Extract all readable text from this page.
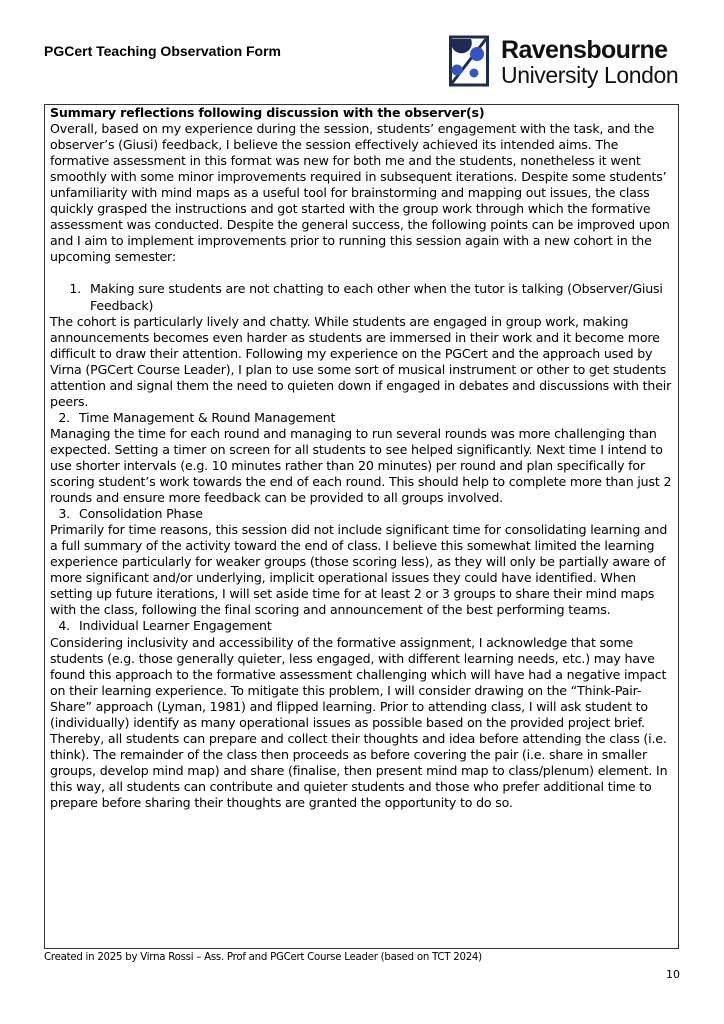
PGCert Teaching Observation Form	Ravensbourne
University London

Summary reflections following discussion with the observer(s)

Overall, based on my experience during the session, students’ engagement with the task, and the observer’s (Giusi) feedback, I believe the session effectively achieved its intended aims. The formative assessment in this format was new for both me and the students, nonetheless it went smoothly with some minor improvements required in subsequent iterations. Despite some students’ unfamiliarity with mind maps as a useful tool for brainstorming and mapping out issues, the class quickly grasped the instructions and got started with the group work through which the formative assessment was conducted. Despite the general success, the following points can be improved upon and I aim to implement improvements prior to running this session again with a new cohort in the upcoming semester:

1. Making sure students are not chatting to each other when the tutor is talking (Observer/Giusi Feedback)

The cohort is particularly lively and chatty. While students are engaged in group work, making announcements becomes even harder as students are immersed in their work and it become more difficult to draw their attention. Following my experience on the PGCert and the approach used by Virna (PGCert Course Leader), I plan to use some sort of musical instrument or other to get students attention and signal them the need to quieten down if engaged in debates and discussions with their peers.

2. Time Management & Round Management

Managing the time for each round and managing to run several rounds was more challenging than expected. Setting a timer on screen for all students to see helped significantly. Next time I intend to use shorter intervals (e.g. 10 minutes rather than 20 minutes) per round and plan specifically for scoring student’s work towards the end of each round. This should help to complete more than just 2 rounds and ensure more feedback can be provided to all groups involved.

3. Consolidation Phase

Primarily for time reasons, this session did not include significant time for consolidating learning and a full summary of the activity toward the end of class. I believe this somewhat limited the learning experience particularly for weaker groups (those scoring less), as they will only be partially aware of more significant and/or underlying, implicit operational issues they could have identified. When setting up future iterations, I will set aside time for at least 2 or 3 groups to share their mind maps with the class, following the final scoring and announcement of the best performing teams.

4. Individual Learner Engagement

Considering inclusivity and accessibility of the formative assignment, I acknowledge that some students (e.g. those generally quieter, less engaged, with different learning needs, etc.) may have found this approach to the formative assessment challenging which will have had a negative impact on their learning experience. To mitigate this problem, I will consider drawing on the “Think-Pair-Share” approach (Lyman, 1981) and flipped learning. Prior to attending class, I will ask student to (individually) identify as many operational issues as possible based on the provided project brief. Thereby, all students can prepare and collect their thoughts and idea before attending the class (i.e. think). The remainder of the class then proceeds as before covering the pair (i.e. share in smaller groups, develop mind map) and share (finalise, then present mind map to class/plenum) element. In this way, all students can contribute and quieter students and those who prefer additional time to prepare before sharing their thoughts are granted the opportunity to do so.

Created in 2025 by Virna Rossi – Ass. Prof and PGCert Course Leader (based on TCT 2024)
10
